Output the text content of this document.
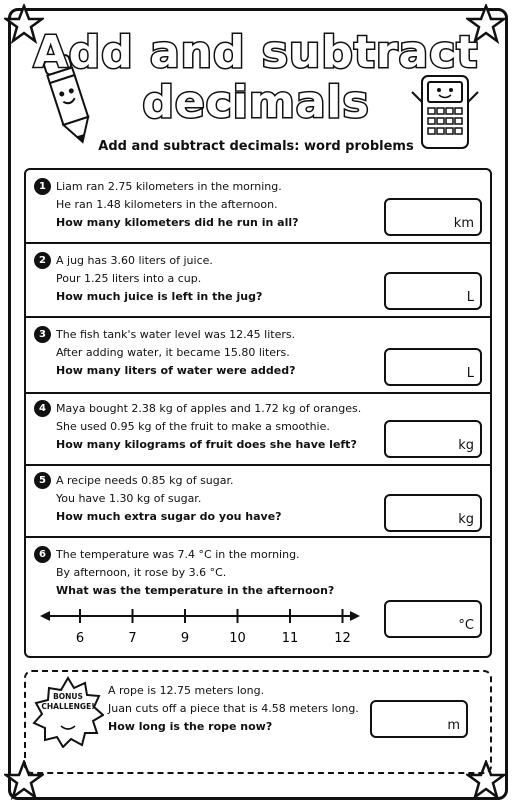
Add and subtract
decimals
Add and subtract decimals: word problems
1 Liam ran 2.75 kilometers in the morning.
He ran 1.48 kilometers in the afternoon.
How many kilometers did he run in all?	km
2 A jug has 3.60 liters of juice.
Pour 1.25 liters into a cup.
How much juice is left in the jug?	L
3 The fish tank's water level was 12.45 liters.
After adding water, it became 15.80 liters.
How many liters of water were added?	L
4 Maya bought 2.38 kg of apples and 1.72 kg of oranges.
She used 0.95 kg of the fruit to make a smoothie.
How many kilograms of fruit does she have left?	kg
5 A recipe needs 0.85 kg of sugar.
You have 1.30 kg of sugar.
How much extra sugar do you have?	kg
6 The temperature was 7.4 °C in the morning.
By afternoon, it rose by 3.6 °C.
What was the temperature in the afternoon?
°C
6	7	9	10	11	12
BONUS
CHALLENGE!
A rope is 12.75 meters long.
Juan cuts off a piece that is 4.58 meters long.
How long is the rope now?	m
